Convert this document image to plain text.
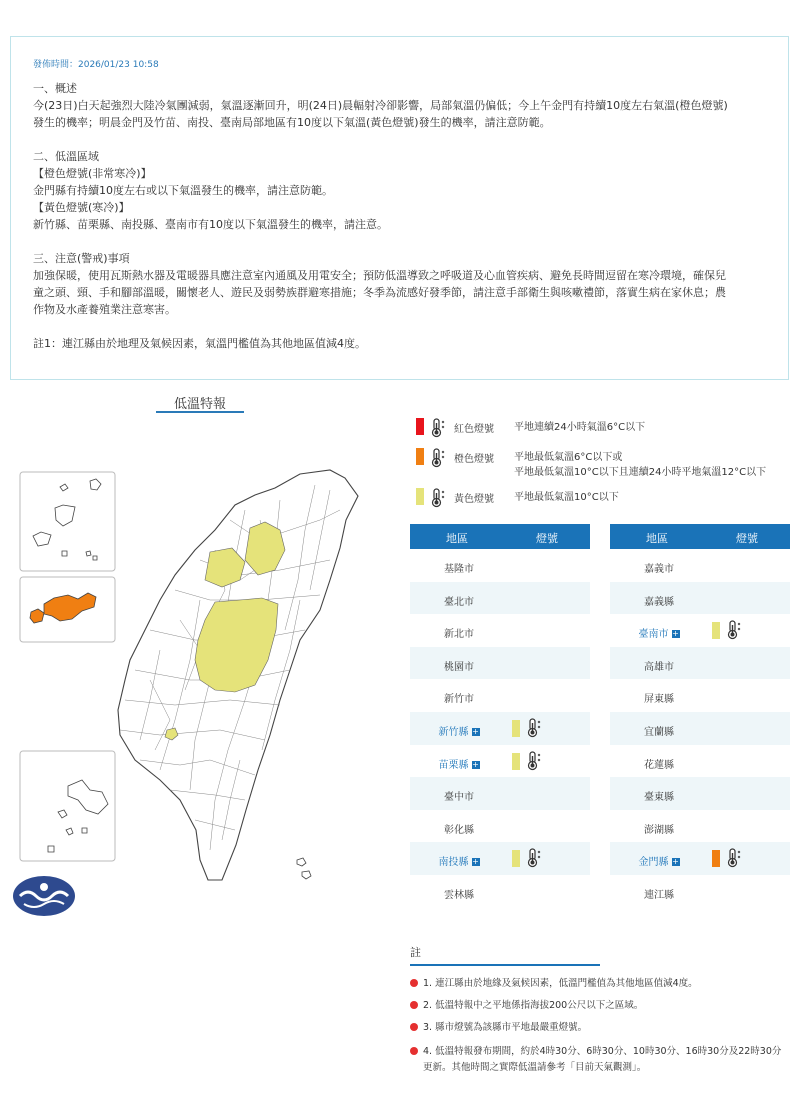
發佈時間：2026/01/23 10:58
一、概述
今(23日)白天起強烈大陸冷氣團減弱，氣溫逐漸回升，明(24日)晨輻射冷卻影響，局部氣溫仍偏低；今上午金門有持續10度左右氣溫(橙色燈號)
發生的機率；明晨金門及竹苗、南投、臺南局部地區有10度以下氣溫(黃色燈號)發生的機率，請注意防範。
二、低溫區域
【橙色燈號(非常寒冷)】
金門縣有持續10度左右或以下氣溫發生的機率，請注意防範。
【黃色燈號(寒冷)】
新竹縣、苗栗縣、南投縣、臺南市有10度以下氣溫發生的機率，請注意。
三、注意(警戒)事項
加強保暖，使用瓦斯熱水器及電暖器具應注意室內通風及用電安全；預防低溫導致之呼吸道及心血管疾病、避免長時間逗留在寒冷環境，確保兒
童之頭、頸、手和腳部溫暖，關懷老人、遊民及弱勢族群避寒措施；冬季為流感好發季節，請注意手部衛生與咳嗽禮節，落實生病在家休息；農
作物及水產養殖業注意寒害。
註1：連江縣由於地理及氣候因素，氣溫門檻值為其他地區值減4度。
低溫特報
紅色燈號 平地連續24小時氣溫6°C以下
橙色燈號 平地最低氣溫6°C以下或
平地最低氣溫10°C以下且連續24小時平地氣溫12°C以下
黃色燈號 平地最低氣溫10°C以下
地區	燈號
基隆市
臺北市
新北市
桃園市
新竹市
新竹縣 +
苗栗縣 +
臺中市
彰化縣
南投縣 +
雲林縣
地區	燈號
嘉義市
嘉義縣
臺南市 +
高雄市
屏東縣
宜蘭縣
花蓮縣
臺東縣
澎湖縣
金門縣 +
連江縣
註
1. 連江縣由於地緣及氣候因素，低溫門檻值為其他地區值減4度。
2. 低溫特報中之平地係指海拔200公尺以下之區域。
3. 縣市燈號為該縣市平地最嚴重燈號。
4. 低溫特報發布期間，約於4時30分、6時30分、10時30分、16時30分及22時30分更新。其他時間之實際低溫請參考「目前天氣觀測」。
